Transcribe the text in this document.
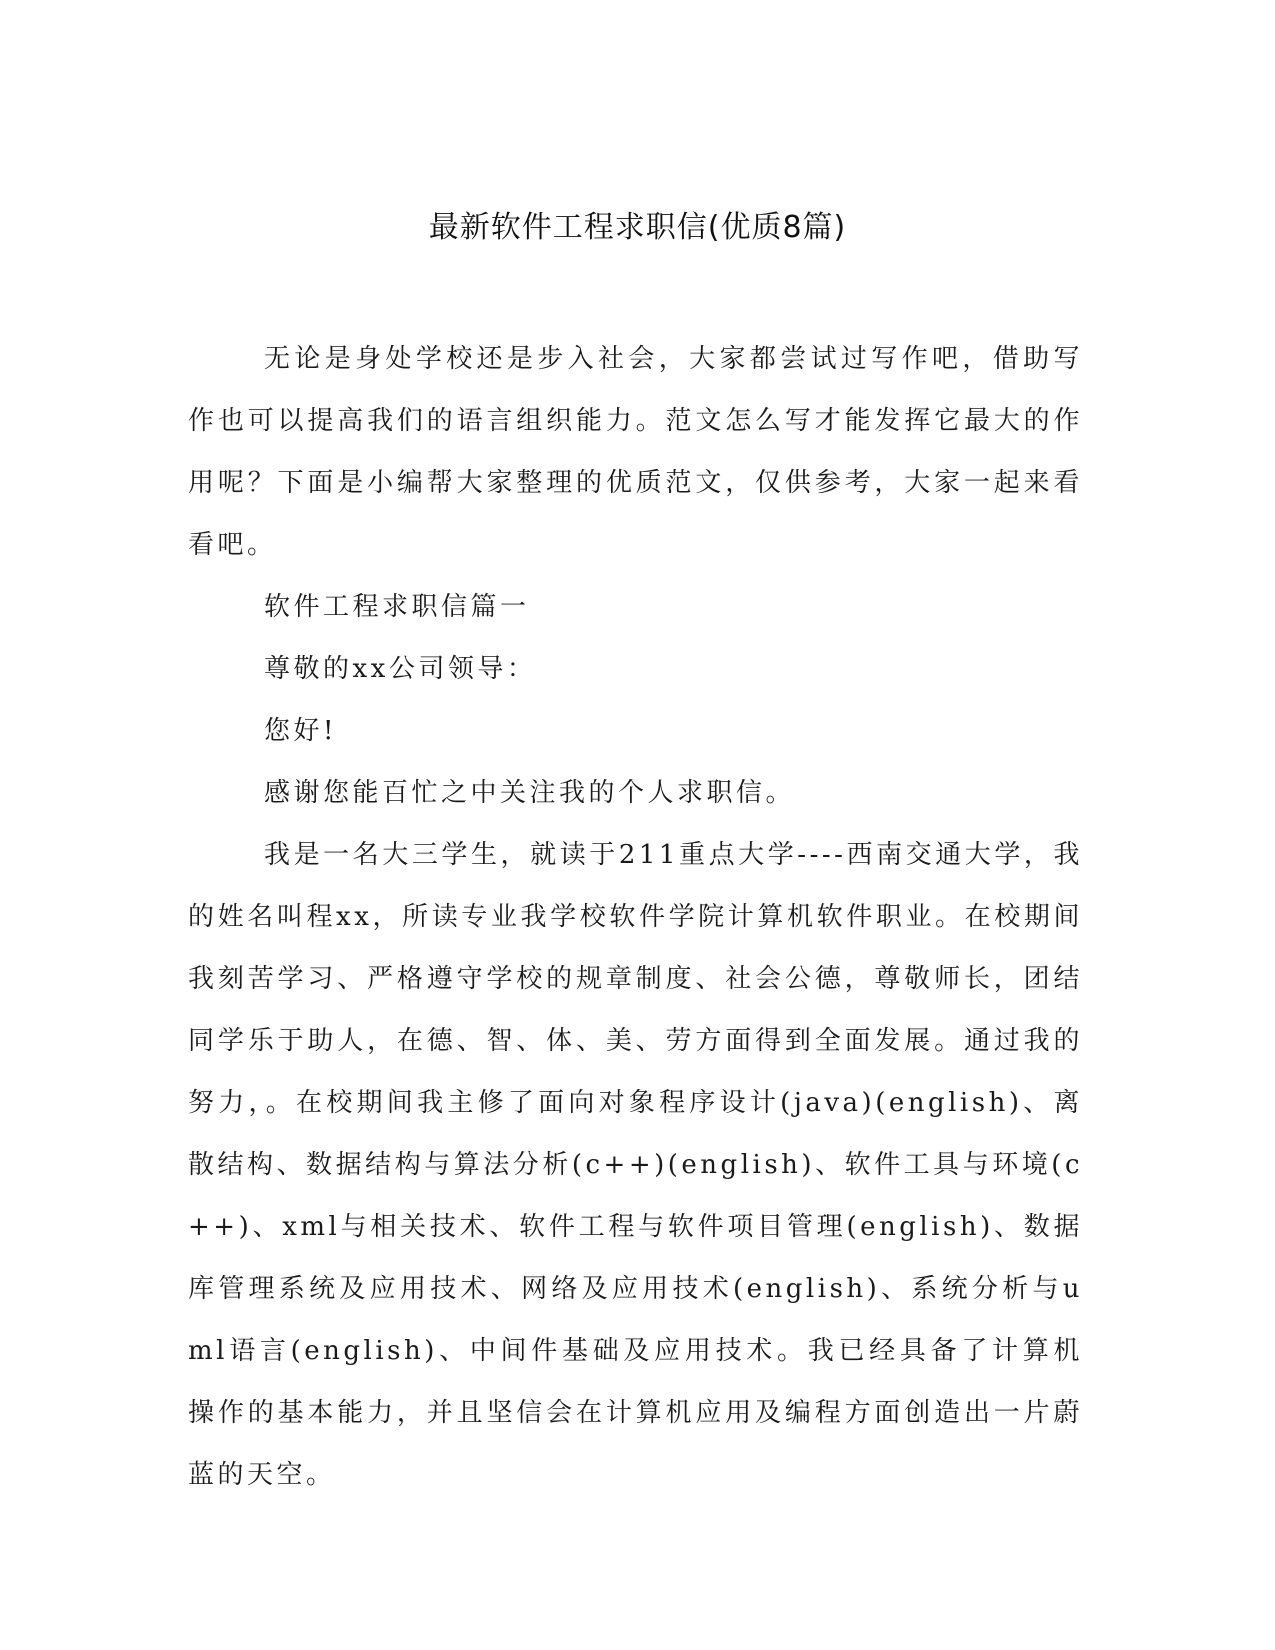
最新软件工程求职信(优质8篇)

无论是身处学校还是步入社会，大家都尝试过写作吧，借助写作也可以提高我们的语言组织能力。范文怎么写才能发挥它最大的作用呢？下面是小编帮大家整理的优质范文，仅供参考，大家一起来看看吧。

软件工程求职信篇一

尊敬的xx公司领导：

您好!

感谢您能百忙之中关注我的个人求职信。

我是一名大三学生，就读于211重点大学----西南交通大学，我的姓名叫程xx，所读专业我学校软件学院计算机软件职业。在校期间我刻苦学习、严格遵守学校的规章制度、社会公德，尊敬师长，团结同学乐于助人，在德、智、体、美、劳方面得到全面发展。通过我的努力，。在校期间我主修了面向对象程序设计(java)(english)、离散结构、数据结构与算法分析(c++)(english)、软件工具与环境(c++)、xml与相关技术、软件工程与软件项目管理(english)、数据库管理系统及应用技术、网络及应用技术(english)、系统分析与uml语言(english)、中间件基础及应用技术。我已经具备了计算机操作的基本能力，并且坚信会在计算机应用及编程方面创造出一片蔚蓝的天空。
